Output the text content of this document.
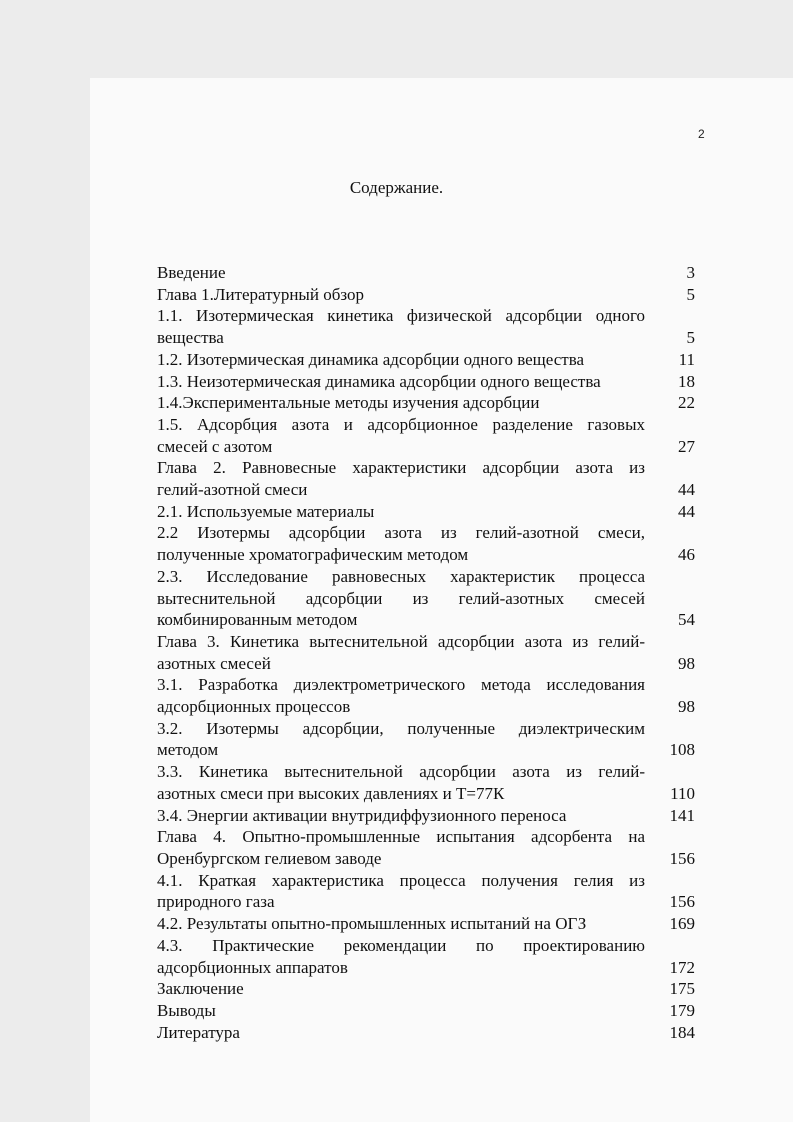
2
Содержание.
Введение	3
Глава 1.Литературный обзор	5
1.1. Изотермическая кинетика физической адсорбции одного
вещества	5
1.2. Изотермическая динамика адсорбции одного вещества	11
1.3. Неизотермическая динамика адсорбции одного вещества	18
1.4.Экспериментальные методы изучения адсорбции	22
1.5. Адсорбция азота и адсорбционное разделение газовых
смесей с азотом	27
Глава 2. Равновесные характеристики адсорбции азота из
гелий-азотной смеси	44
2.1. Используемые материалы	44
2.2 Изотермы адсорбции азота из гелий-азотной смеси,
полученные хроматографическим методом	46
2.3. Исследование равновесных характеристик процесса
вытеснительной адсорбции из гелий-азотных смесей
комбинированным методом	54
Глава 3. Кинетика вытеснительной адсорбции азота из гелий-
азотных смесей	98
3.1. Разработка диэлектрометрического метода исследования
адсорбционных процессов	98
3.2. Изотермы адсорбции, полученные диэлектрическим
методом	108
3.3. Кинетика вытеснительной адсорбции азота из гелий-
азотных смеси при высоких давлениях и Т=77К	110
3.4. Энергии активации внутридиффузионного переноса	141
Глава 4. Опытно-промышленные испытания адсорбента на
Оренбургском гелиевом заводе	156
4.1. Краткая характеристика процесса получения гелия из
природного газа	156
4.2. Результаты опытно-промышленных испытаний на ОГЗ	169
4.3. Практические рекомендации по проектированию
адсорбционных аппаратов	172
Заключение	175
Выводы	179
Литература	184
